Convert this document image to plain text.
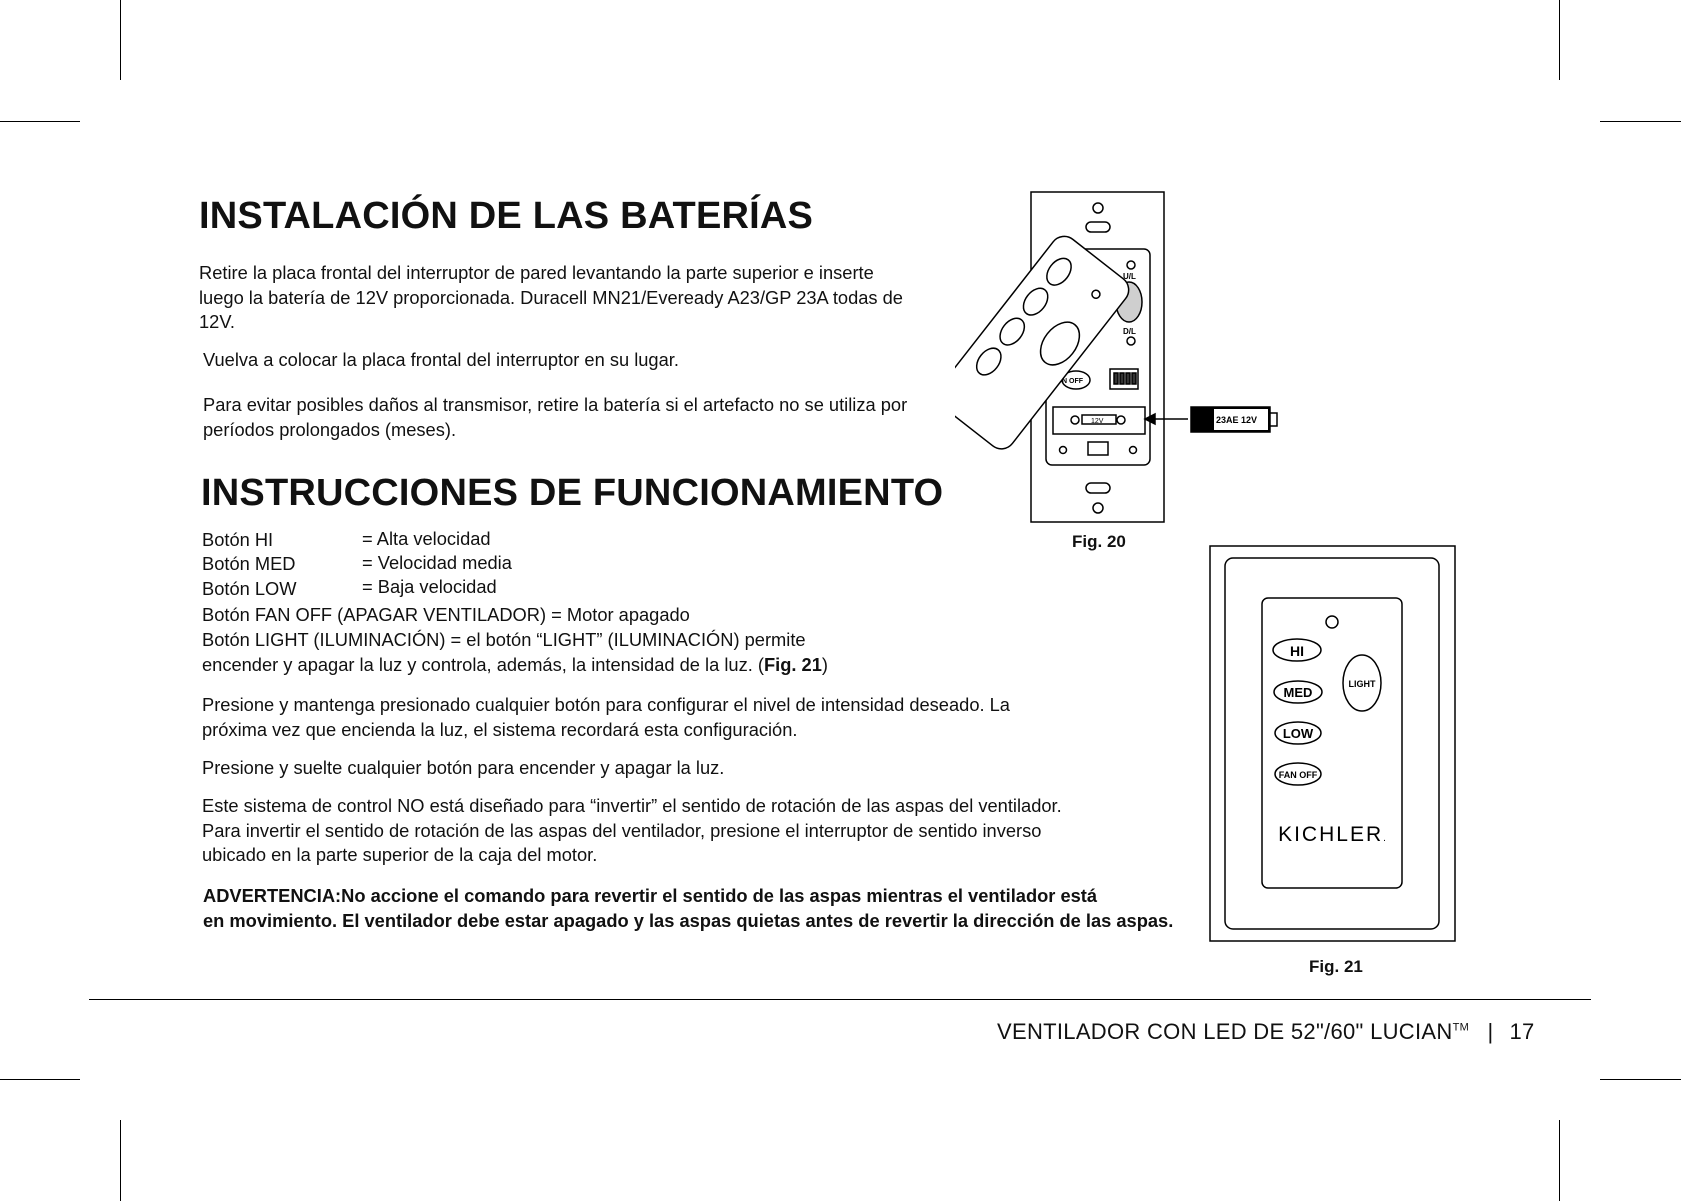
INSTALACIÓN DE LAS BATERÍAS
Retire la placa frontal del interruptor de pared levantando la parte superior e inserte
luego la batería de 12V proporcionada. Duracell MN21/Eveready A23/GP 23A todas de
12V.
Vuelva a colocar la placa frontal del interruptor en su lugar.
Para evitar posibles daños al transmisor, retire la batería si el artefacto no se utiliza por
períodos prolongados (meses).
INSTRUCCIONES DE FUNCIONAMIENTO
Botón HI	= Alta velocidad
Botón MED	= Velocidad media
Botón LOW	= Baja velocidad
Botón FAN OFF (APAGAR VENTILADOR) = Motor apagado
Botón LIGHT (ILUMINACIÓN) = el botón “LIGHT” (ILUMINACIÓN) permite
encender y apagar la luz y controla, además, la intensidad de la luz. (Fig. 21)
Presione y mantenga presionado cualquier botón para configurar el nivel de intensidad deseado. La
próxima vez que encienda la luz, el sistema recordará esta configuración.
Presione y suelte cualquier botón para encender y apagar la luz.
Este sistema de control NO está diseñado para “invertir” el sentido de rotación de las aspas del ventilador.
Para invertir el sentido de rotación de las aspas del ventilador, presione el interruptor de sentido inverso
ubicado en la parte superior de la caja del motor.
ADVERTENCIA:No accione el comando para revertir el sentido de las aspas mientras el ventilador está
en movimiento. El ventilador debe estar apagado y las aspas quietas antes de revertir la dirección de las aspas.
U/L
D/L
N OFF
12V	23AE 12V
Fig. 20
HI
MED
LOW
FAN OFF
LIGHT
KICHLER.
Fig. 21
VENTILADOR CON LED DE 52"/60" LUCIAN™ | 17
